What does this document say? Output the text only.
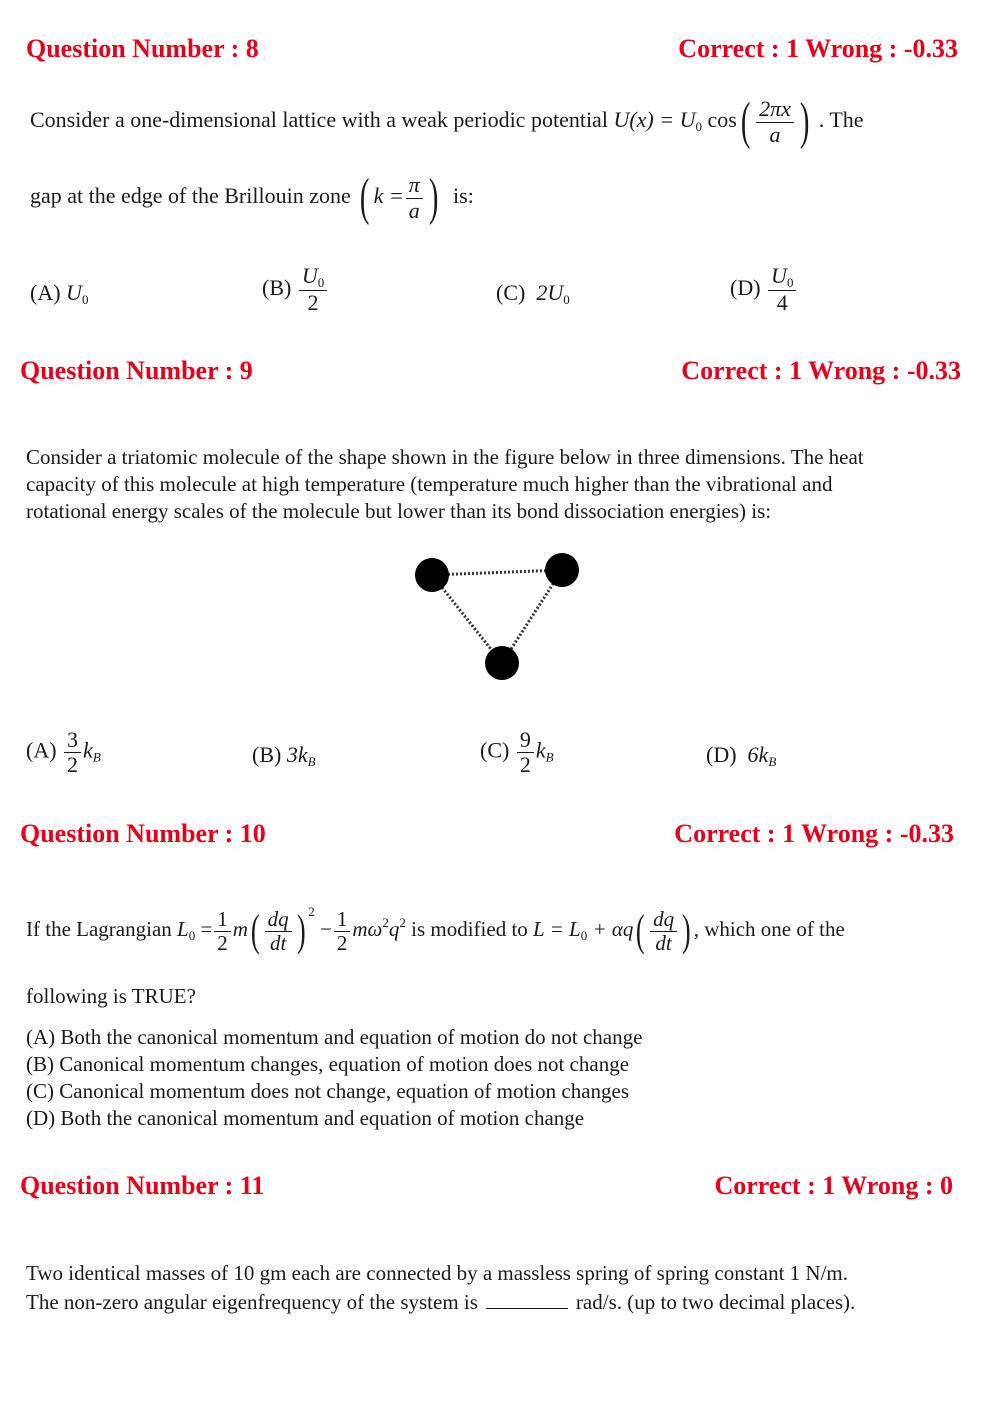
Question Number : 8	Correct : 1 Wrong : -0.33
Consider a one-dimensional lattice with a weak periodic potential $U(x) = U_0$ $\cos( \frac{2\pi x}{a}$ ) . The
gap at the edge of the Brillouin zone ( $k = \frac{\pi}{a}$ ) is:
(A) $U_0$	$(B) \frac{U_0}{2}$	(C) $2U_0$	$(D) \frac{U_0}{4}$
Question Number : 9	Correct : 1 Wrong : -0.33
Consider a triatomic molecule of the shape shown in the figure below in three dimensions. The heat
capacity of this molecule at high temperature (temperature much higher than the vibrational and
rotational energy scales of the molecule but lower than its bond dissociation energies) is:
$(A) \frac{3}{2} k_B$	(B) $3k_B$	$(C) \frac{9}{2} k_B$	(D) $6k_B$
Question Number : 10	Correct : 1 Wrong : -0.33
If the Lagrangian $L_0 = \frac{1}{2} m( \frac{dq}{dt}$ ) $^2 - \frac{1}{2} m\omega^2q^2$ is modified to $L = L_0 + \alpha q( \frac{dq}{dt}$ ) , which one of the
following is TRUE?
(A) Both the canonical momentum and equation of motion do not change
(B) Canonical momentum changes, equation of motion does not change
(C) Canonical momentum does not change, equation of motion changes
(D) Both the canonical momentum and equation of motion change
Question Number : 11	Correct : 1 Wrong : 0
Two identical masses of 10 gm each are connected by a massless spring of spring constant 1 N/m.
The non-zero angular eigenfrequency of the system is	rad/s. (up to two decimal places).
